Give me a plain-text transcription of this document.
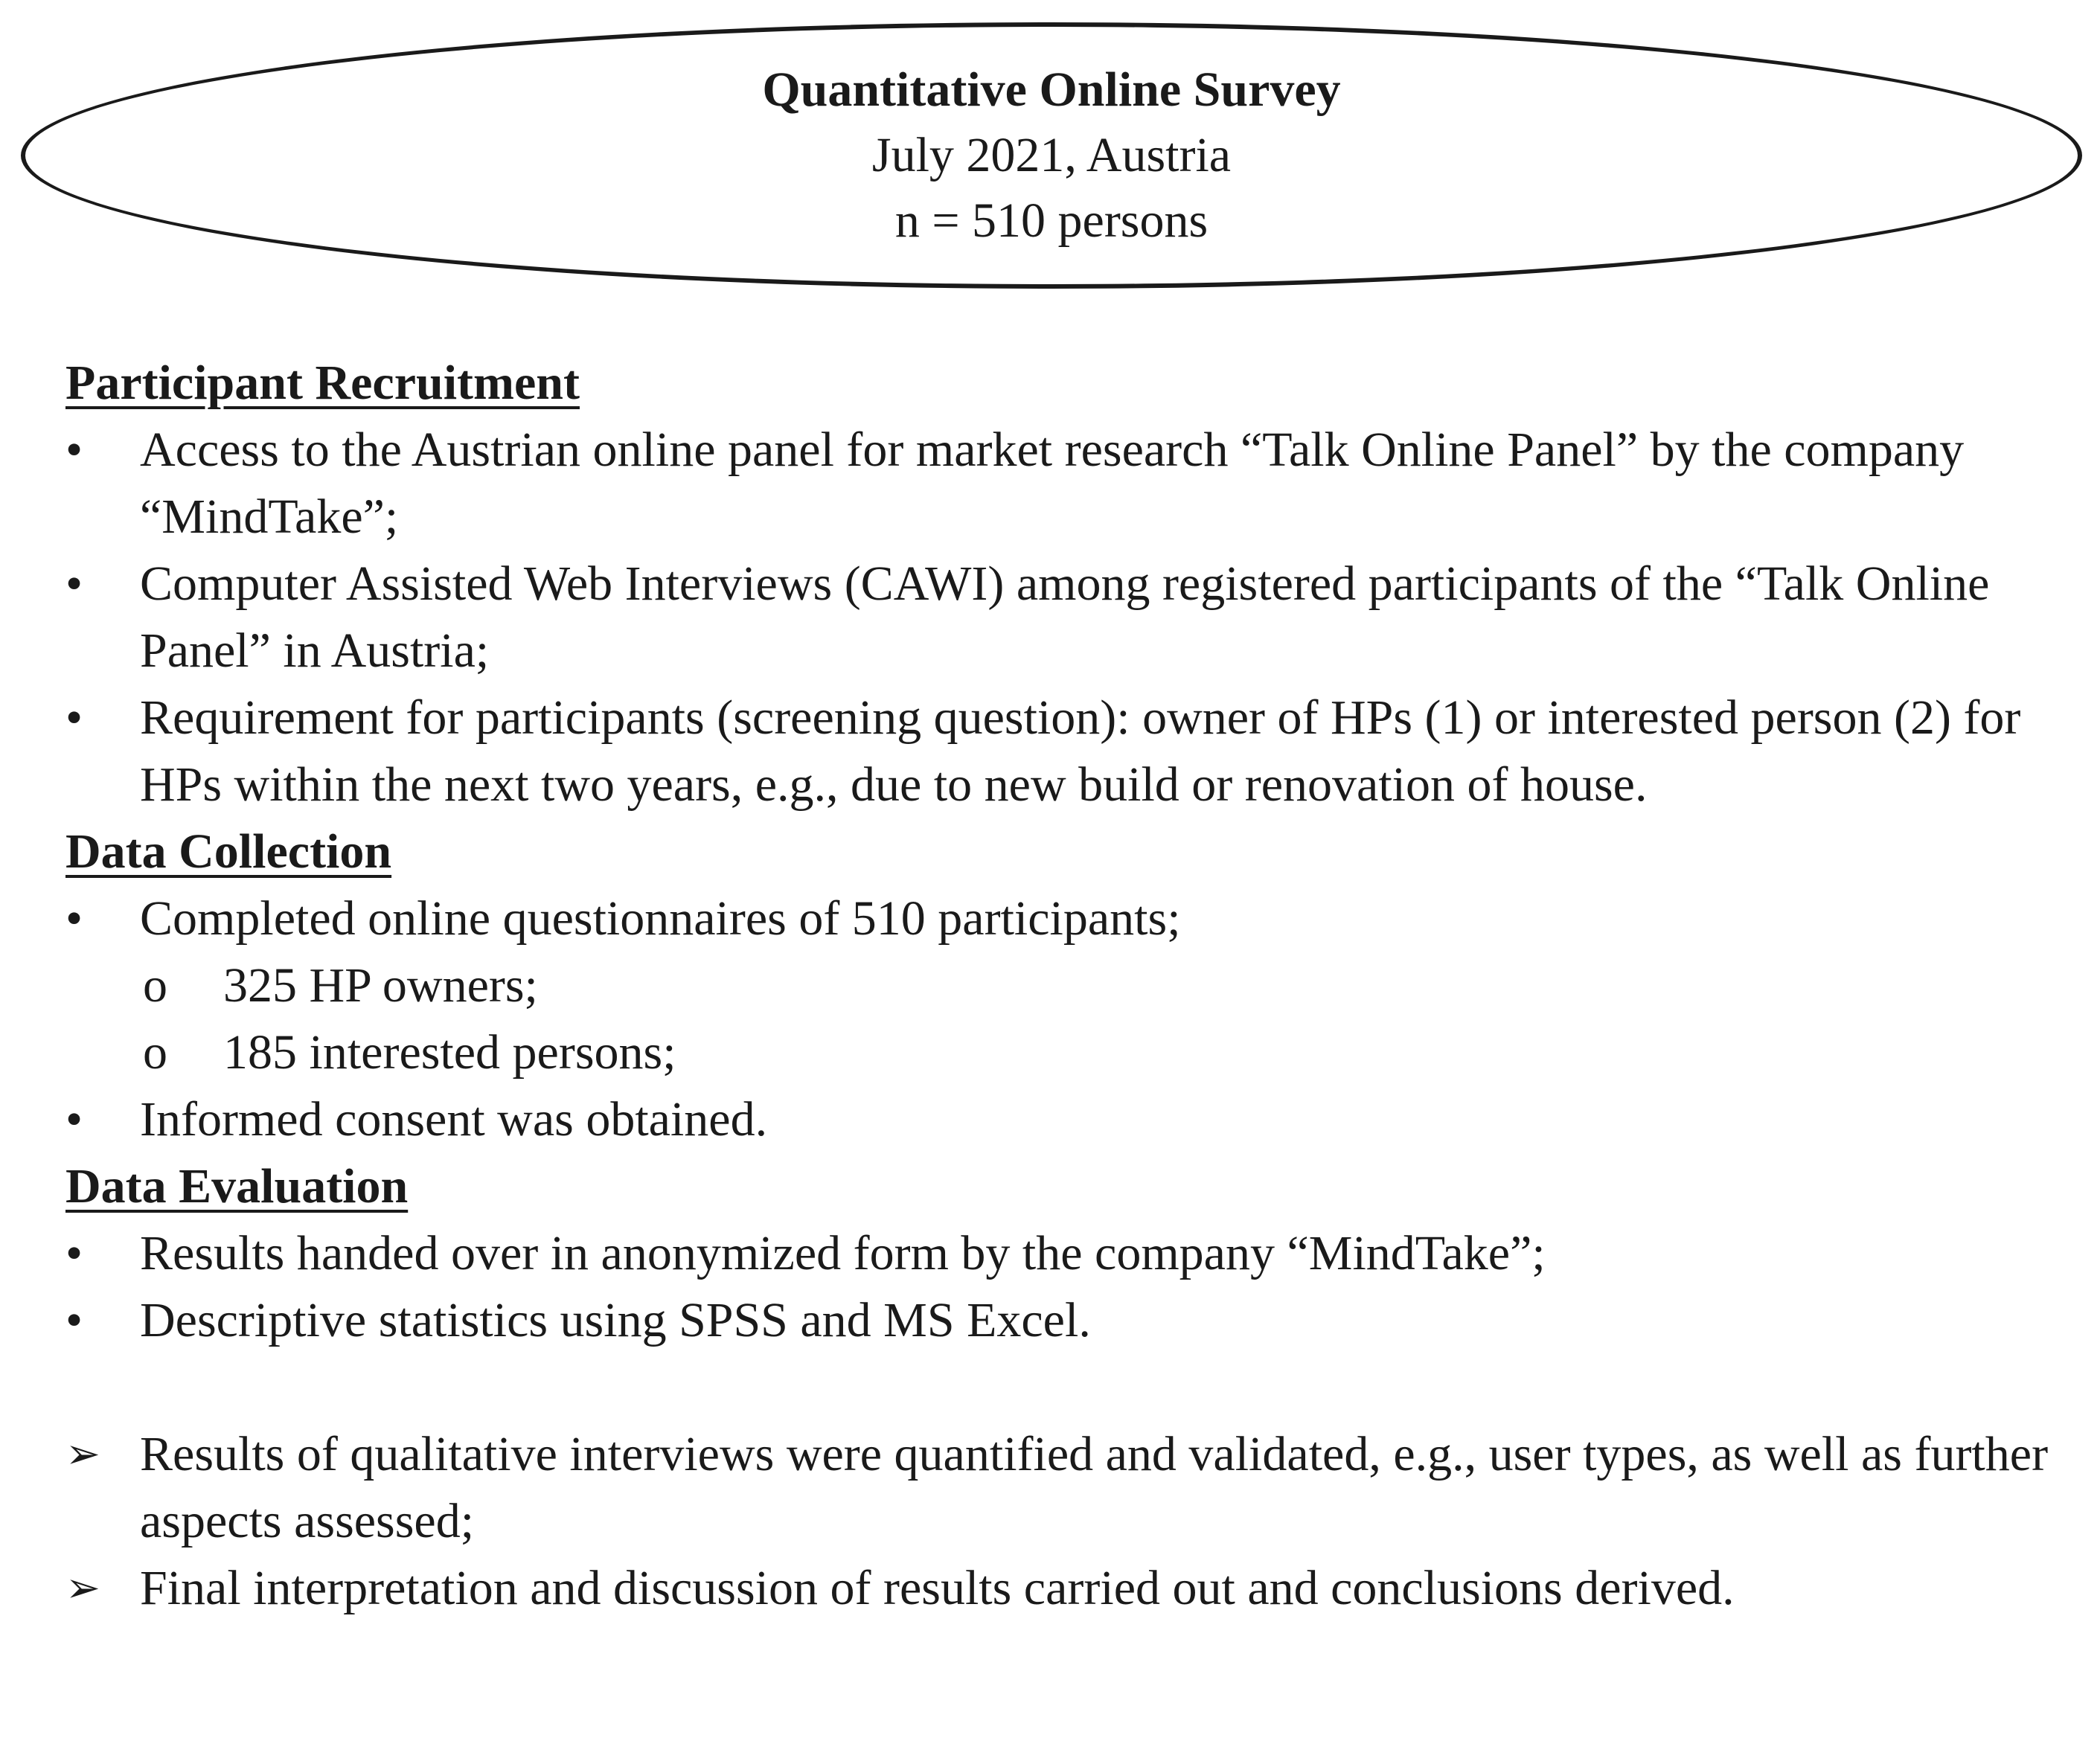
Quantitative Online Survey
July 2021, Austria
n = 510 persons
Participant Recruitment
• Access to the Austrian online panel for market research “Talk Online Panel” by the company “MindTake”;
• Computer Assisted Web Interviews (CAWI) among registered participants of the “Talk Online Panel” in Austria;
• Requirement for participants (screening question): owner of HPs (1) or interested person (2) for HPs within the next two years, e.g., due to new build or renovation of house.
Data Collection
• Completed online questionnaires of 510 participants;
o 325 HP owners;
o 185 interested persons;
• Informed consent was obtained.
Data Evaluation
• Results handed over in anonymized form by the company “MindTake”;
• Descriptive statistics using SPSS and MS Excel.
➢ Results of qualitative interviews were quantified and validated, e.g., user types, as well as further aspects assessed;
➢ Final interpretation and discussion of results carried out and conclusions derived.
